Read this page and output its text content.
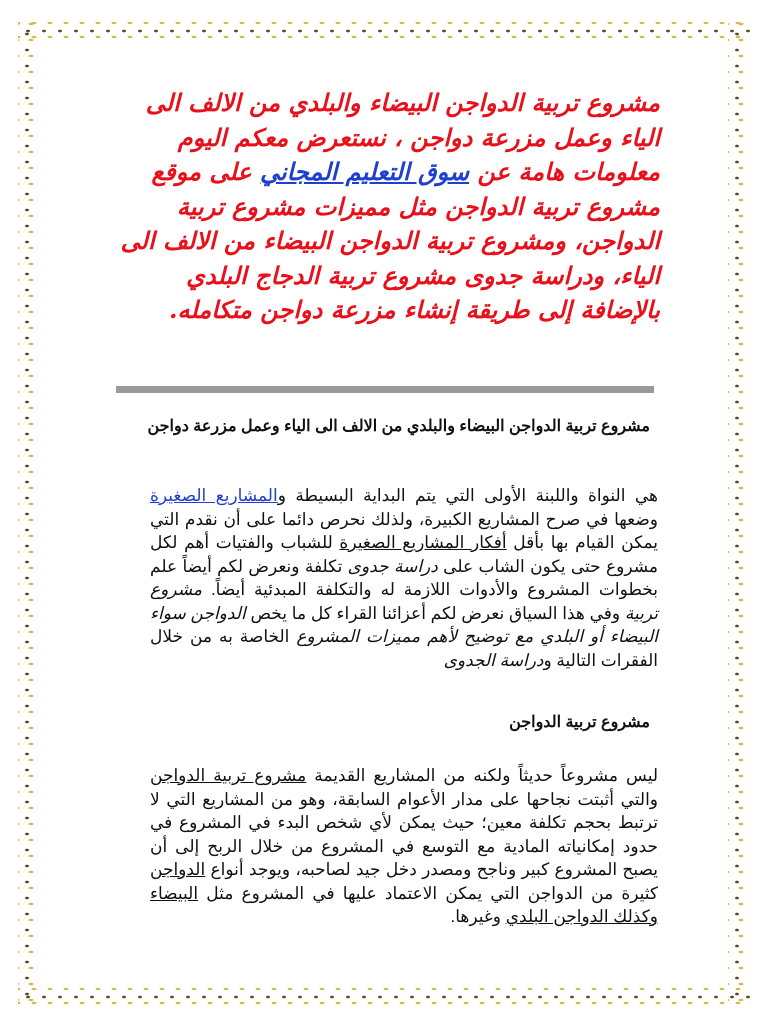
مشروع تربية الدواجن البيضاء والبلدي من الالف الى الياء وعمل مزرعة دواجن ، نستعرض معكم اليوم معلومات هامة عن سوق التعليم المجاني على موقع مشروع تربية الدواجن مثل مميزات مشروع تربية الدواجن، ومشروع تربية الدواجن البيضاء من الالف الى الياء، ودراسة جدوى مشروع تربية الدجاج البلدي بالإضافة إلى طريقة إنشاء مزرعة دواجن متكامله.

مشروع تربية الدواجن البيضاء والبلدي من الالف الى الياء وعمل مزرعة دواجن

هي النواة واللبنة الأولى التي يتم البداية البسيطة والمشاريع الصغيرة وضعها في صرح المشاريع الكبيرة، ولذلك نحرص دائما على أن نقدم التي يمكن القيام بها بأقل أفكار المشاريع الصغيرة للشباب والفتيات أهم لكل مشروع حتى يكون الشاب على دراسة جدوى تكلفة ونعرض لكم أيضاً علم بخطوات المشروع والأدوات اللازمة له والتكلفة المبدئية أيضاً. مشروع تربية وفي هذا السياق نعرض لكم أعزائنا القراء كل ما يخص الدواجن سواء البيضاء أو البلدي مع توضيح لأهم مميزات المشروع الخاصة به من خلال الفقرات التالية ودراسة الجدوى

مشروع تربية الدواجن

ليس مشروعاً حديثاً ولكنه من المشاريع القديمة مشروع تربية الدواجن والتي أثبتت نجاحها على مدار الأعوام السابقة، وهو من المشاريع التي لا ترتبط بحجم تكلفة معين؛ حيث يمكن لأي شخص البدء في المشروع في حدود إمكانياته المادية مع التوسع في المشروع من خلال الربح إلى أن يصبح المشروع كبير وناجح ومصدر دخل جيد لصاحبه، ويوجد أنواع الدواجن كثيرة من الدواجن التي يمكن الاعتماد عليها في المشروع مثل البيضاء وكذلك الدواجن البلدي وغيرها.
